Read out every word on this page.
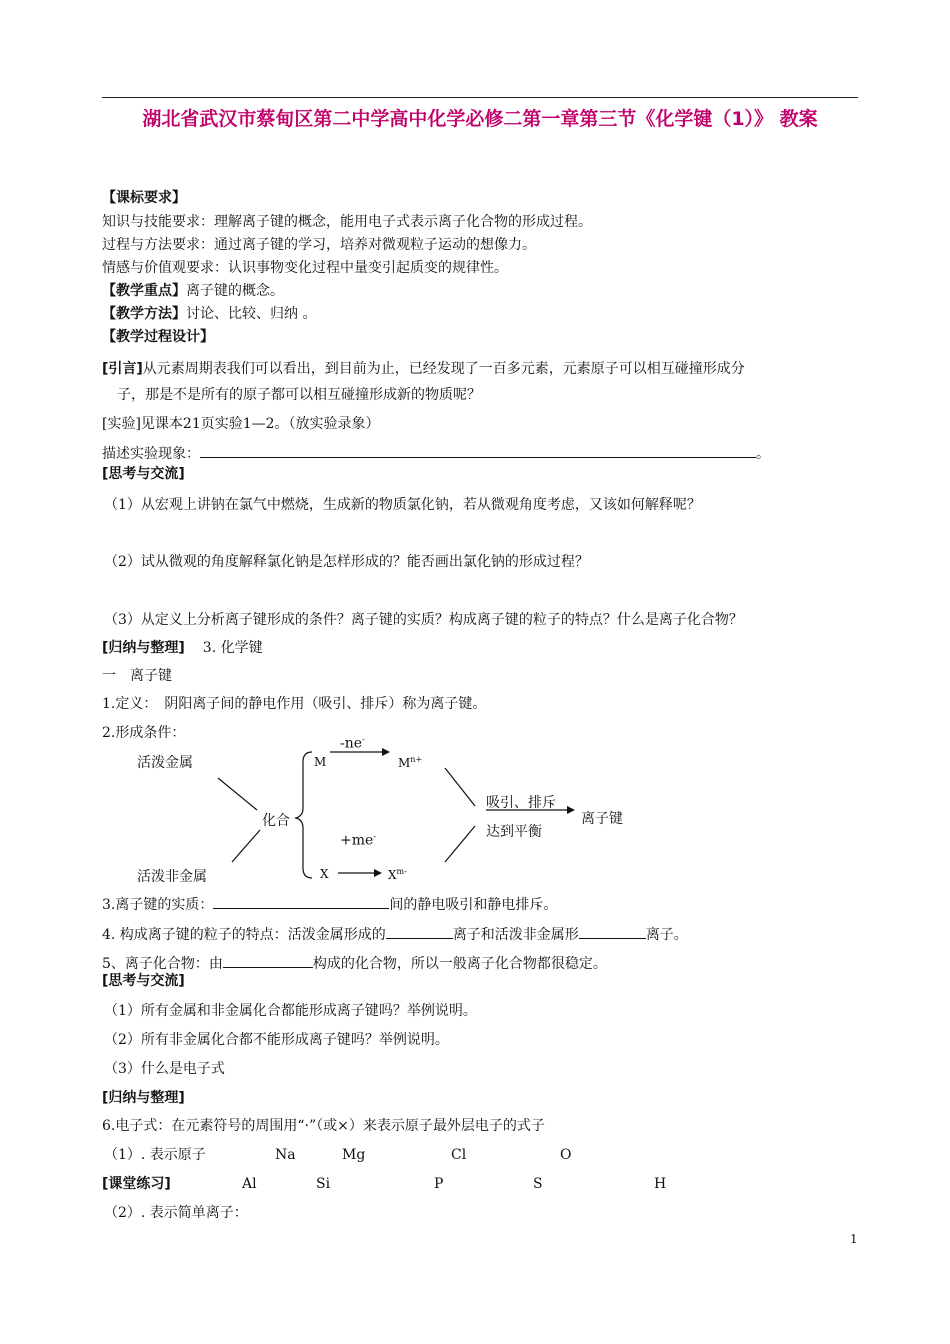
湖北省武汉市蔡甸区第二中学高中化学必修二第一章第三节《化学键（1）》 教案
【课标要求】
知识与技能要求：理解离子键的概念，能用电子式表示离子化合物的形成过程。
过程与方法要求：通过离子键的学习，培养对微观粒子运动的想像力。
情感与价值观要求：认识事物变化过程中量变引起质变的规律性。
【教学重点】离子键的概念。
【教学方法】讨论、比较、归纳 。
【教学过程设计】
[引言]从元素周期表我们可以看出，到目前为止，已经发现了一百多元素，元素原子可以相互碰撞形成分
子，那是不是所有的原子都可以相互碰撞形成新的物质呢？
[实验]见课本21页实验1—2。（放实验录象）
描述实验现象：	。
[思考与交流]
（1）从宏观上讲钠在氯气中燃烧，生成新的物质氯化钠，若从微观角度考虑，又该如何解释呢？
（2）试从微观的角度解释氯化钠是怎样形成的？能否画出氯化钠的形成过程？
（3）从定义上分析离子键形成的条件？离子键的实质？构成离子键的粒子的特点？什么是离子化合物？
[归纳与整理] 3. 化学键
一　离子键
1.定义：　阴阳离子间的静电作用（吸引、排斥）称为离子键。
2.形成条件：
活泼金属
活泼非金属
化合
M	$M^{n+}$
-ne-
+me-
X	$X^{m-}$
吸引、排斥
达到平衡
离子键
3.离子键的实质：	间的静电吸引和静电排斥。
4. 构成离子键的粒子的特点：活泼金属形成的	离子和活泼非金属形	离子。
5、离子化合物：由	构成的化合物，所以一般离子化合物都很稳定。
[思考与交流]
（1）所有金属和非金属化合都能形成离子键吗？举例说明。
（2）所有非金属化合都不能形成离子键吗？举例说明。
（3）什么是电子式
[归纳与整理]
6.电子式：在元素符号的周围用“·”（或×）来表示原子最外层电子的式子
（1）. 表示原子	Na	Mg	Cl	O
[课堂练习]	Al	Si	P	S	H
（2）. 表示简单离子：
1
